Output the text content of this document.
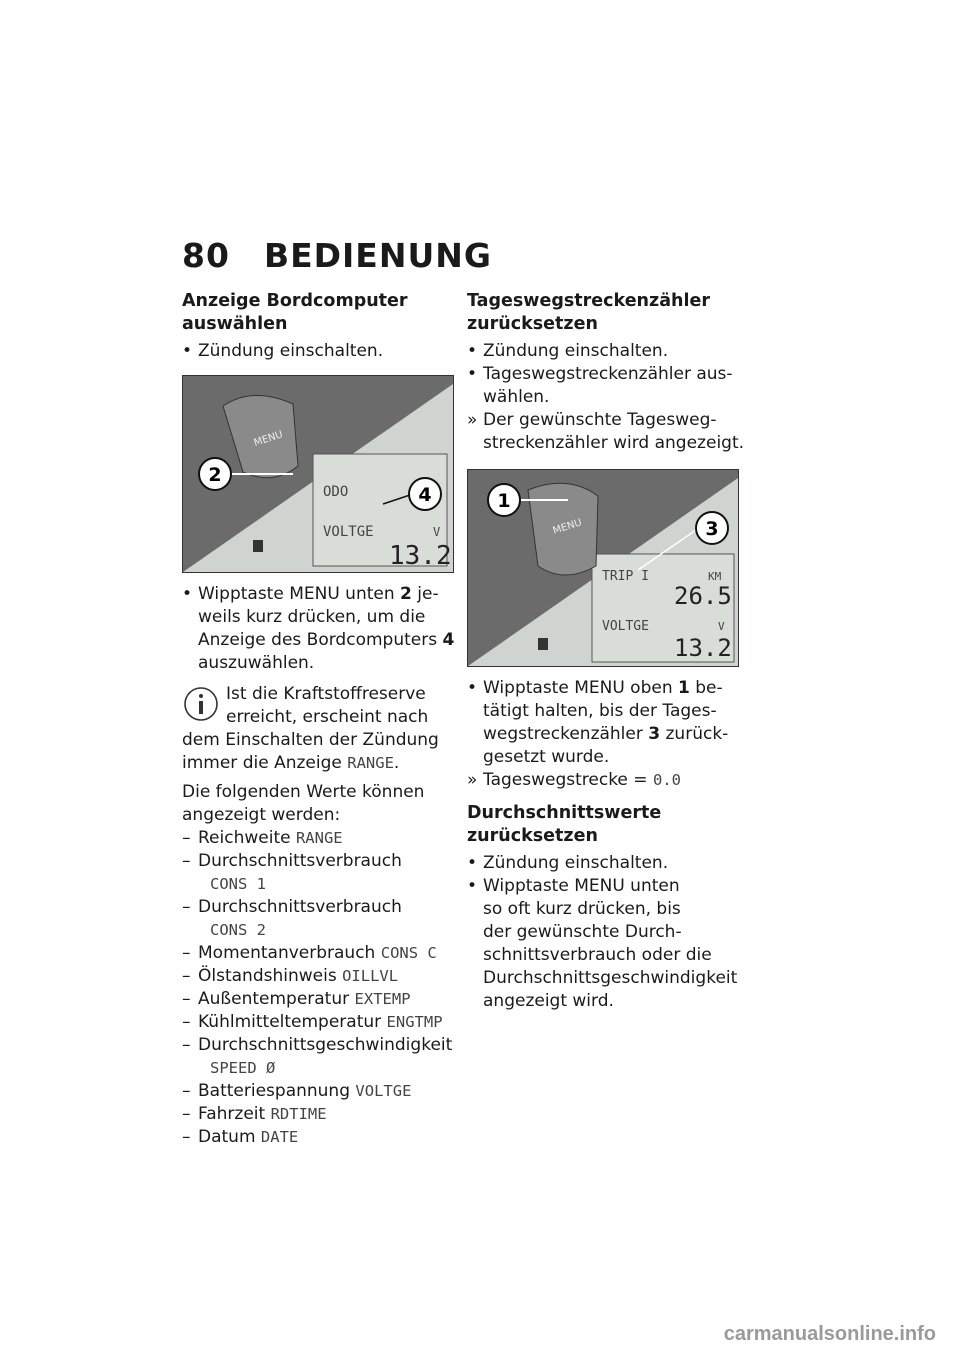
80 BEDIENUNG
Anzeige Bordcomputer auswählen

• Zündung einschalten.

MENU
2
4
ODO
VOLTGE	V
13.2

• Wipptaste MENU unten 2 je-
weils kurz drücken, um die
Anzeige des Bordcomputers 4
auszuwählen.

Ist die Kraftstoffreserve
erreicht, erscheint nach
dem Einschalten der Zündung
immer die Anzeige RANGE.

Die folgenden Werte können
angezeigt werden:

– Reichweite RANGE

– Durchschnittsverbrauch
CONS 1

– Durchschnittsverbrauch
CONS 2

– Momentanverbrauch CONS C

– Ölstandshinweis OILLVL

– Außentemperatur EXTEMP

– Kühlmitteltemperatur ENGTMP

– Durchschnittsgeschwindigkeit
SPEED Ø

– Batteriespannung VOLTGE

– Fahrzeit RDTIME

– Datum DATE

Tageswegstreckenzähler
zurücksetzen

• Zündung einschalten.

• Tageswegstreckenzähler aus-
wählen.

» Der gewünschte Tagesweg-
streckenzähler wird angezeigt.

MENU
1
3
TRIP I	KM
26.5
VOLTGE	V
13.2

• Wipptaste MENU oben 1 be-
tätigt halten, bis der Tages-
wegstreckenzähler 3 zurück-
gesetzt wurde.

» Tageswegstrecke = 0.0

Durchschnittswerte
zurücksetzen

• Zündung einschalten.

• Wipptaste MENU unten
so oft kurz drücken, bis
der gewünschte Durch-
schnittsverbrauch oder die
Durchschnittsgeschwindigkeit
angezeigt wird.

carmanualsonline.info
